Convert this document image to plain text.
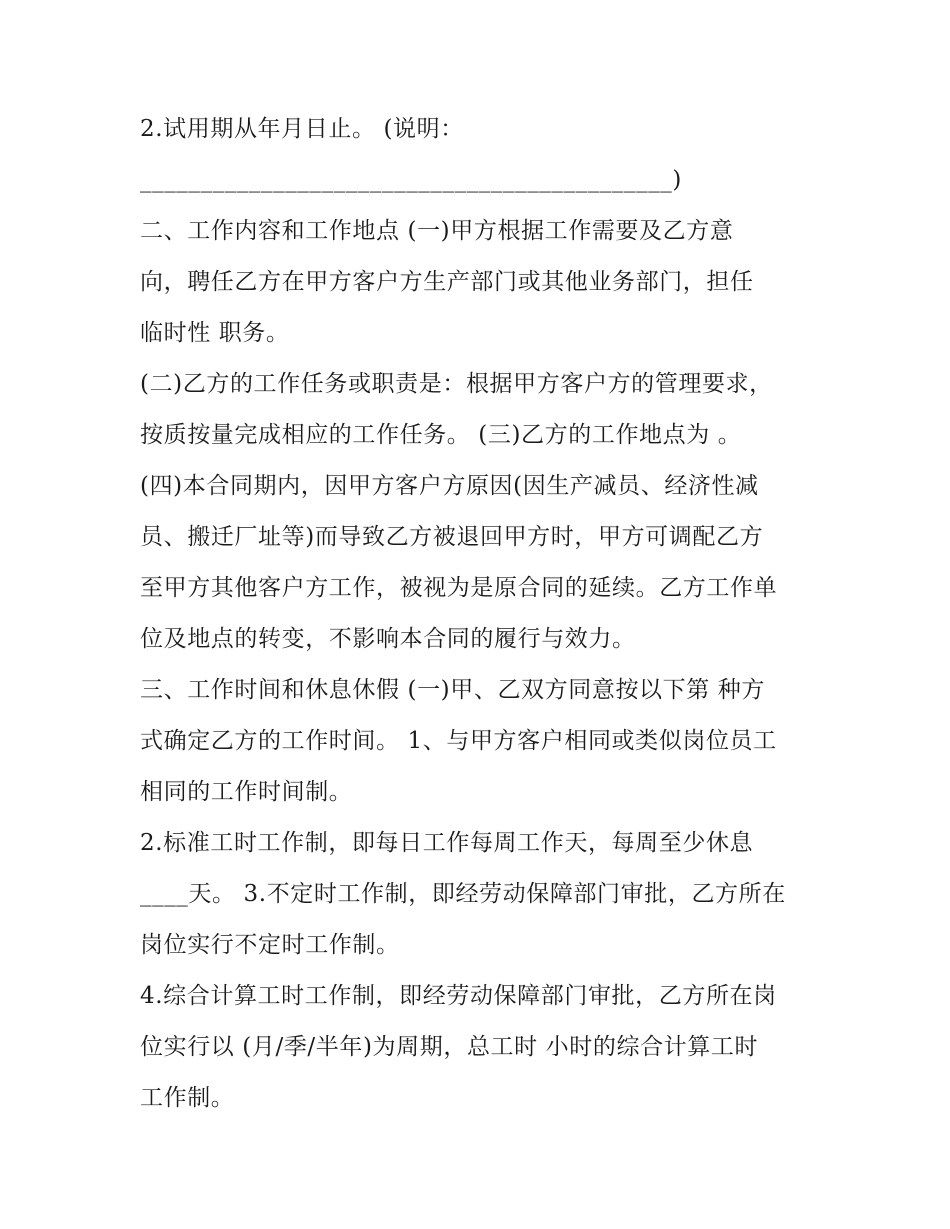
2.试用期从年月日止。 (说明：
____________________________________________)
二、工作内容和工作地点 (一)甲方根据工作需要及乙方意
向，聘任乙方在甲方客户方生产部门或其他业务部门，担任
临时性 职务。
(二)乙方的工作任务或职责是：根据甲方客户方的管理要求，
按质按量完成相应的工作任务。 (三)乙方的工作地点为 。
(四)本合同期内，因甲方客户方原因(因生产减员、经济性减
员、搬迁厂址等)而导致乙方被退回甲方时，甲方可调配乙方
至甲方其他客户方工作，被视为是原合同的延续。乙方工作单
位及地点的转变，不影响本合同的履行与效力。
三、工作时间和休息休假 (一)甲、乙双方同意按以下第 种方
式确定乙方的工作时间。 1、与甲方客户相同或类似岗位员工
相同的工作时间制。
2.标准工时工作制，即每日工作每周工作天，每周至少休息
____天。 3.不定时工作制，即经劳动保障部门审批，乙方所在
岗位实行不定时工作制。
4.综合计算工时工作制，即经劳动保障部门审批，乙方所在岗
位实行以 (月/季/半年)为周期，总工时 小时的综合计算工时
工作制。
